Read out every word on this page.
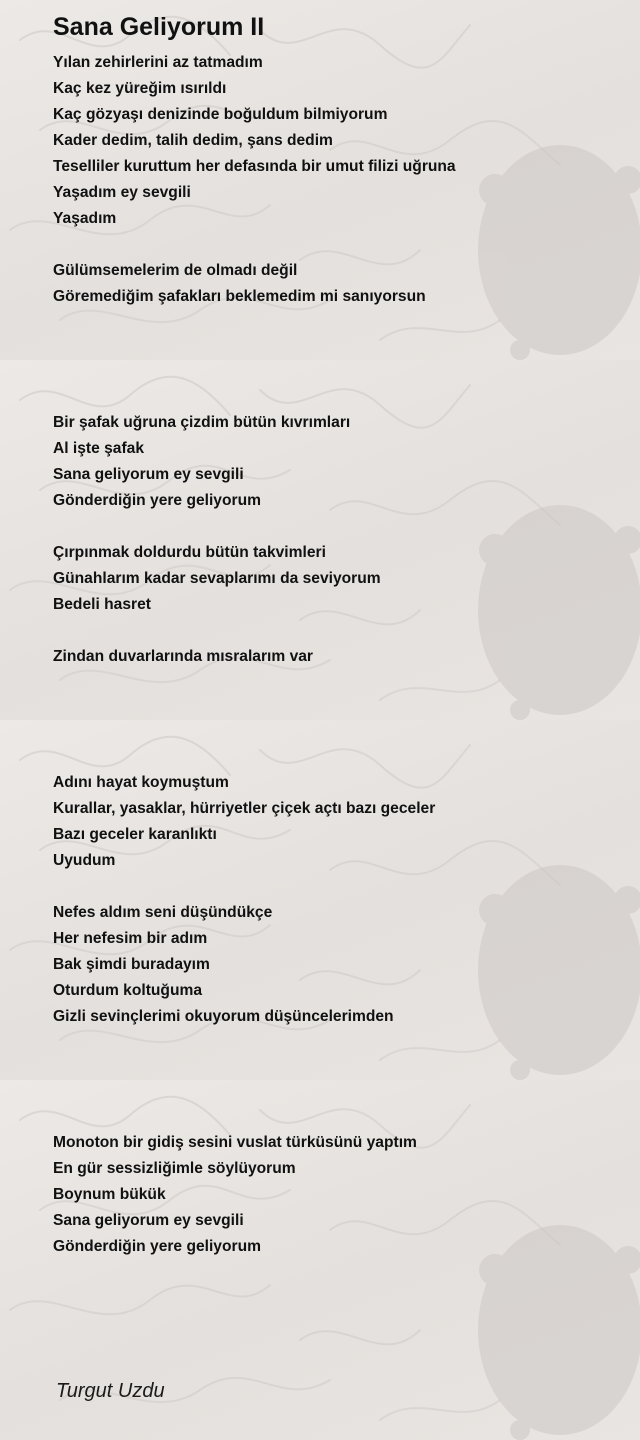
Sana Geliyorum II
Yılan zehirlerini az tatmadım
Kaç kez yüreğim ısırıldı
Kaç gözyaşı denizinde boğuldum bilmiyorum
Kader dedim, talih dedim, şans dedim
Teselliler kuruttum her defasında bir umut filizi uğruna
Yaşadım ey sevgili
Yaşadım
Gülümsemelerim de olmadı değil
Göremediğim şafakları beklemedim mi sanıyorsun
Bir şafak uğruna çizdim bütün kıvrımları
Al işte şafak
Sana geliyorum ey sevgili
Gönderdiğin yere geliyorum
Çırpınmak doldurdu bütün takvimleri
Günahlarım kadar sevaplarımı da seviyorum
Bedeli hasret
Zindan duvarlarında mısralarım var
Adını hayat koymuştum
Kurallar, yasaklar, hürriyetler çiçek açtı bazı geceler
Bazı geceler karanlıktı
Uyudum
Nefes aldım seni düşündükçe
Her nefesim bir adım
Bak şimdi buradayım
Oturdum koltuğuma
Gizli sevinçlerimi okuyorum düşüncelerimden
Monoton bir gidiş sesini vuslat türküsünü yaptım
En gür sessizliğimle söylüyorum
Boynum bükük
Sana geliyorum ey sevgili
Gönderdiğin yere geliyorum
Turgut Uzdu
